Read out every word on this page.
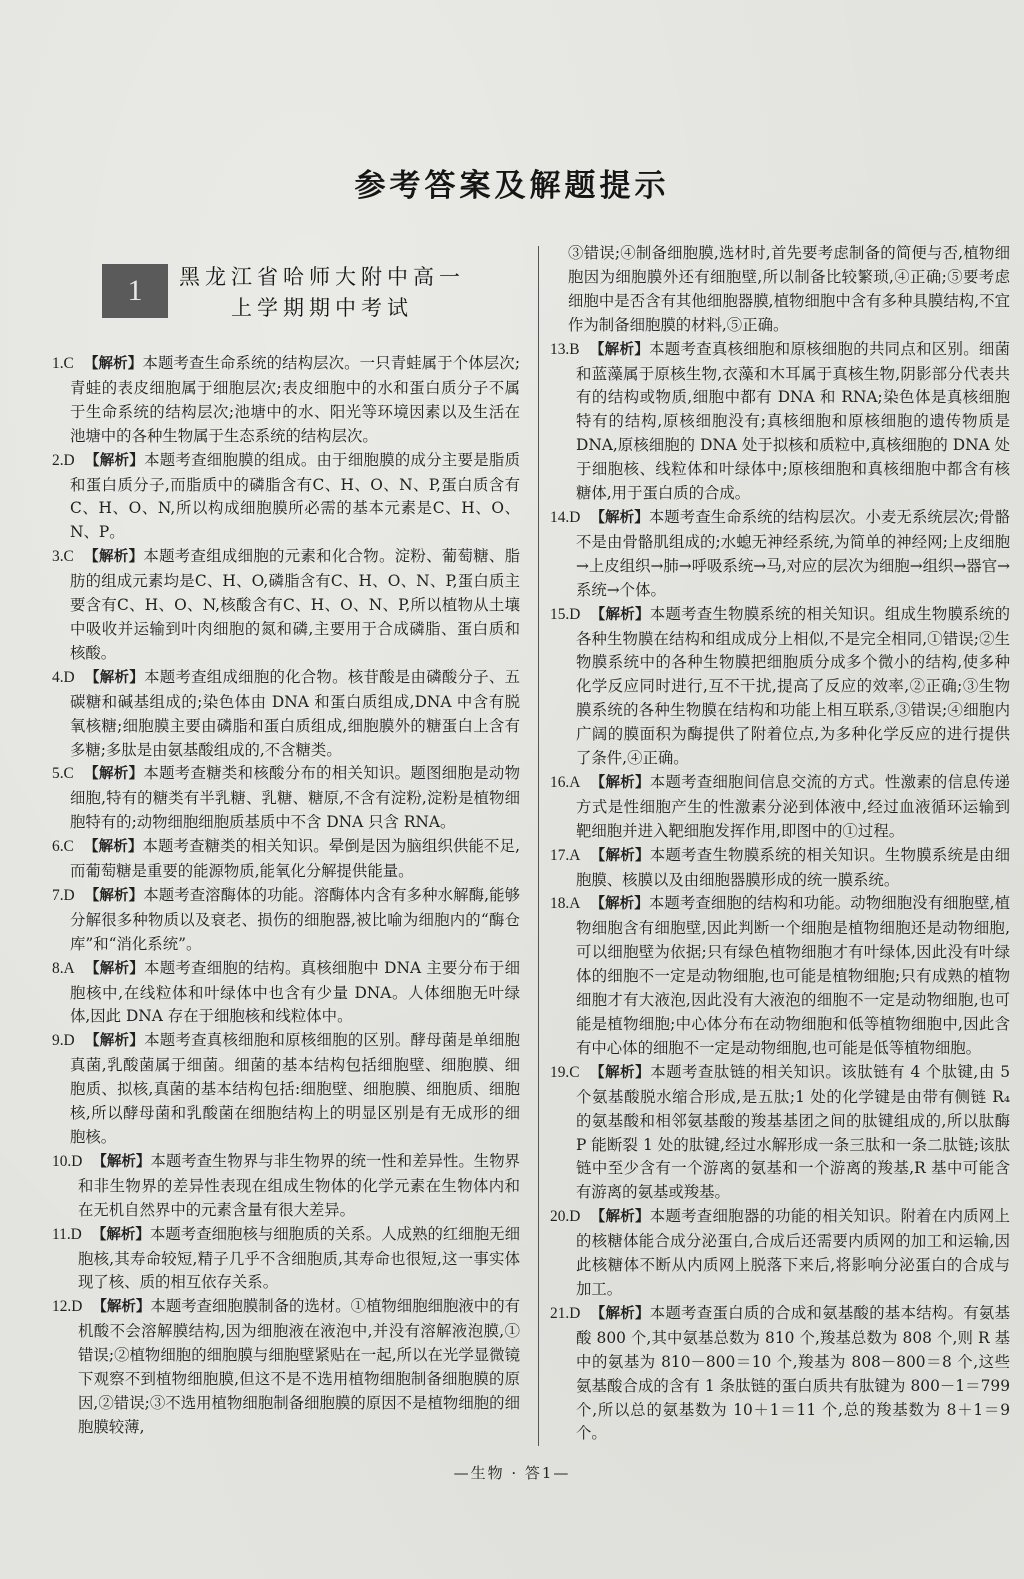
参考答案及解题提示
1	黑龙江省哈师大附中高一
上学期期中考试

1.C 【解析】本题考查生命系统的结构层次。一只青蛙属于个体层次;青蛙的表皮细胞属于细胞层次;表皮细胞中的水和蛋白质分子不属于生命系统的结构层次;池塘中的水、阳光等环境因素以及生活在池塘中的各种生物属于生态系统的结构层次。

2.D 【解析】本题考查细胞膜的组成。由于细胞膜的成分主要是脂质和蛋白质分子,而脂质中的磷脂含有C、H、O、N、P,蛋白质含有C、H、O、N,所以构成细胞膜所必需的基本元素是C、H、O、N、P。

3.C 【解析】本题考查组成细胞的元素和化合物。淀粉、葡萄糖、脂肪的组成元素均是C、H、O,磷脂含有C、H、O、N、P,蛋白质主要含有C、H、O、N,核酸含有C、H、O、N、P,所以植物从土壤中吸收并运输到叶肉细胞的氮和磷,主要用于合成磷脂、蛋白质和核酸。

4.D 【解析】本题考查组成细胞的化合物。核苷酸是由磷酸分子、五碳糖和碱基组成的;染色体由 DNA 和蛋白质组成,DNA 中含有脱氧核糖;细胞膜主要由磷脂和蛋白质组成,细胞膜外的糖蛋白上含有多糖;多肽是由氨基酸组成的,不含糖类。

5.C 【解析】本题考查糖类和核酸分布的相关知识。题图细胞是动物细胞,特有的糖类有半乳糖、乳糖、糖原,不含有淀粉,淀粉是植物细胞特有的;动物细胞细胞质基质中不含 DNA 只含 RNA。

6.C 【解析】本题考查糖类的相关知识。晕倒是因为脑组织供能不足,而葡萄糖是重要的能源物质,能氧化分解提供能量。

7.D 【解析】本题考查溶酶体的功能。溶酶体内含有多种水解酶,能够分解很多种物质以及衰老、损伤的细胞器,被比喻为细胞内的“酶仓库”和“消化系统”。

8.A 【解析】本题考查细胞的结构。真核细胞中 DNA 主要分布于细胞核中,在线粒体和叶绿体中也含有少量 DNA。人体细胞无叶绿体,因此 DNA 存在于细胞核和线粒体中。

9.D 【解析】本题考查真核细胞和原核细胞的区别。酵母菌是单细胞真菌,乳酸菌属于细菌。细菌的基本结构包括细胞壁、细胞膜、细胞质、拟核,真菌的基本结构包括:细胞壁、细胞膜、细胞质、细胞核,所以酵母菌和乳酸菌在细胞结构上的明显区别是有无成形的细胞核。

10.D 【解析】本题考查生物界与非生物界的统一性和差异性。生物界和非生物界的差异性表现在组成生物体的化学元素在生物体内和在无机自然界中的元素含量有很大差异。

11.D 【解析】本题考查细胞核与细胞质的关系。人成熟的红细胞无细胞核,其寿命较短,精子几乎不含细胞质,其寿命也很短,这一事实体现了核、质的相互依存关系。

12.D 【解析】本题考查细胞膜制备的选材。①植物细胞细胞液中的有机酸不会溶解膜结构,因为细胞液在液泡中,并没有溶解液泡膜,①错误;②植物细胞的细胞膜与细胞壁紧贴在一起,所以在光学显微镜下观察不到植物细胞膜,但这不是不选用植物细胞制备细胞膜的原因,②错误;③不选用植物细胞制备细胞膜的原因不是植物细胞的细胞膜较薄,

③错误;④制备细胞膜,选材时,首先要考虑制备的简便与否,植物细胞因为细胞膜外还有细胞壁,所以制备比较繁琐,④正确;⑤要考虑细胞中是否含有其他细胞器膜,植物细胞中含有多种具膜结构,不宜作为制备细胞膜的材料,⑤正确。

13.B 【解析】本题考查真核细胞和原核细胞的共同点和区别。细菌和蓝藻属于原核生物,衣藻和木耳属于真核生物,阴影部分代表共有的结构或物质,细胞中都有 DNA 和 RNA;染色体是真核细胞特有的结构,原核细胞没有;真核细胞和原核细胞的遗传物质是 DNA,原核细胞的 DNA 处于拟核和质粒中,真核细胞的 DNA 处于细胞核、线粒体和叶绿体中;原核细胞和真核细胞中都含有核糖体,用于蛋白质的合成。

14.D 【解析】本题考查生命系统的结构层次。小麦无系统层次;骨骼不是由骨骼肌组成的;水螅无神经系统,为简单的神经网;上皮细胞→上皮组织→肺→呼吸系统→马,对应的层次为细胞→组织→器官→系统→个体。

15.D 【解析】本题考查生物膜系统的相关知识。组成生物膜系统的各种生物膜在结构和组成成分上相似,不是完全相同,①错误;②生物膜系统中的各种生物膜把细胞质分成多个微小的结构,使多种化学反应同时进行,互不干扰,提高了反应的效率,②正确;③生物膜系统的各种生物膜在结构和功能上相互联系,③错误;④细胞内广阔的膜面积为酶提供了附着位点,为多种化学反应的进行提供了条件,④正确。

16.A 【解析】本题考查细胞间信息交流的方式。性激素的信息传递方式是性细胞产生的性激素分泌到体液中,经过血液循环运输到靶细胞并进入靶细胞发挥作用,即图中的①过程。

17.A 【解析】本题考查生物膜系统的相关知识。生物膜系统是由细胞膜、核膜以及由细胞器膜形成的统一膜系统。

18.A 【解析】本题考查细胞的结构和功能。动物细胞没有细胞壁,植物细胞含有细胞壁,因此判断一个细胞是植物细胞还是动物细胞,可以细胞壁为依据;只有绿色植物细胞才有叶绿体,因此没有叶绿体的细胞不一定是动物细胞,也可能是植物细胞;只有成熟的植物细胞才有大液泡,因此没有大液泡的细胞不一定是动物细胞,也可能是植物细胞;中心体分布在动物细胞和低等植物细胞中,因此含有中心体的细胞不一定是动物细胞,也可能是低等植物细胞。

19.C 【解析】本题考查肽链的相关知识。该肽链有 4 个肽键,由 5 个氨基酸脱水缩合形成,是五肽;1 处的化学键是由带有侧链 R₄ 的氨基酸和相邻氨基酸的羧基基团之间的肽键组成的,所以肽酶 P 能断裂 1 处的肽键,经过水解形成一条三肽和一条二肽链;该肽链中至少含有一个游离的氨基和一个游离的羧基,R 基中可能含有游离的氨基或羧基。

20.D 【解析】本题考查细胞器的功能的相关知识。附着在内质网上的核糖体能合成分泌蛋白,合成后还需要内质网的加工和运输,因此核糖体不断从内质网上脱落下来后,将影响分泌蛋白的合成与加工。

21.D 【解析】本题考查蛋白质的合成和氨基酸的基本结构。有氨基酸 800 个,其中氨基总数为 810 个,羧基总数为 808 个,则 R 基中的氨基为 810－800＝10 个,羧基为 808－800＝8 个,这些氨基酸合成的含有 1 条肽链的蛋白质共有肽键为 800－1＝799 个,所以总的氨基数为 10＋1＝11 个,总的羧基数为 8＋1＝9 个。

—生物 · 答1—
